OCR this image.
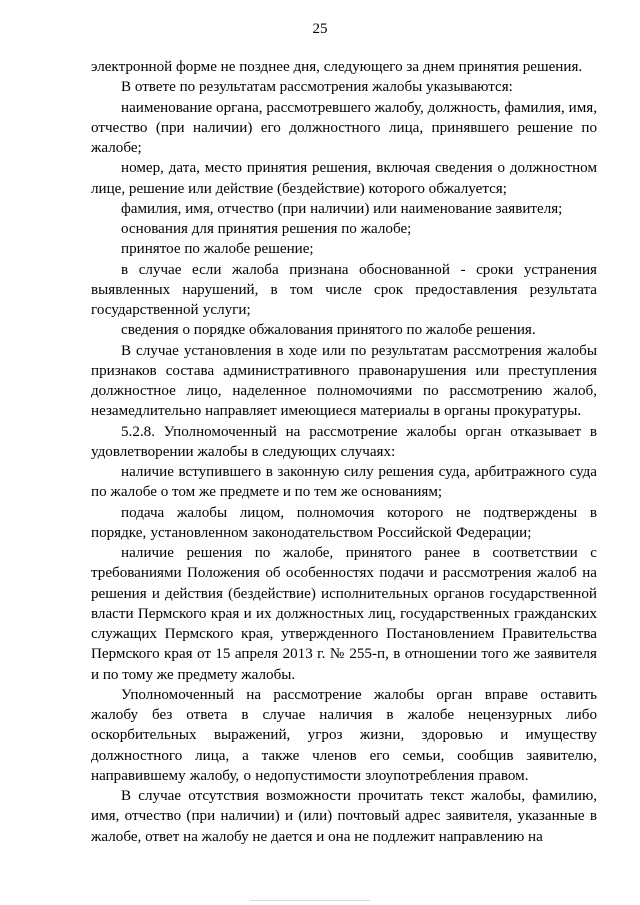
25

электронной форме не позднее дня, следующего за днем принятия решения.

В ответе по результатам рассмотрения жалобы указываются:

наименование органа, рассмотревшего жалобу, должность, фамилия, имя, отчество (при наличии) его должностного лица, принявшего решение по жалобе;

номер, дата, место принятия решения, включая сведения о должностном лице, решение или действие (бездействие) которого обжалуется;

фамилия, имя, отчество (при наличии) или наименование заявителя;

основания для принятия решения по жалобе;

принятое по жалобе решение;

в случае если жалоба признана обоснованной - сроки устранения выявленных нарушений, в том числе срок предоставления результата государственной услуги;

сведения о порядке обжалования принятого по жалобе решения.

В случае установления в ходе или по результатам рассмотрения жалобы признаков состава административного правонарушения или преступления должностное лицо, наделенное полномочиями по рассмотрению жалоб, незамедлительно направляет имеющиеся материалы в органы прокуратуры.

5.2.8. Уполномоченный на рассмотрение жалобы орган отказывает в удовлетворении жалобы в следующих случаях:

наличие вступившего в законную силу решения суда, арбитражного суда по жалобе о том же предмете и по тем же основаниям;

подача жалобы лицом, полномочия которого не подтверждены в порядке, установленном законодательством Российской Федерации;

наличие решения по жалобе, принятого ранее в соответствии с требованиями Положения об особенностях подачи и рассмотрения жалоб на решения и действия (бездействие) исполнительных органов государственной власти Пермского края и их должностных лиц, государственных гражданских служащих Пермского края, утвержденного Постановлением Правительства Пермского края от 15 апреля 2013 г. № 255-п, в отношении того же заявителя и по тому же предмету жалобы.

Уполномоченный на рассмотрение жалобы орган вправе оставить жалобу без ответа в случае наличия в жалобе нецензурных либо оскорбительных выражений, угроз жизни, здоровью и имуществу должностного лица, а также членов его семьи, сообщив заявителю, направившему жалобу, о недопустимости злоупотребления правом.

В случае отсутствия возможности прочитать текст жалобы, фамилию, имя, отчество (при наличии) и (или) почтовый адрес заявителя, указанные в жалобе, ответ на жалобу не дается и она не подлежит направлению на
